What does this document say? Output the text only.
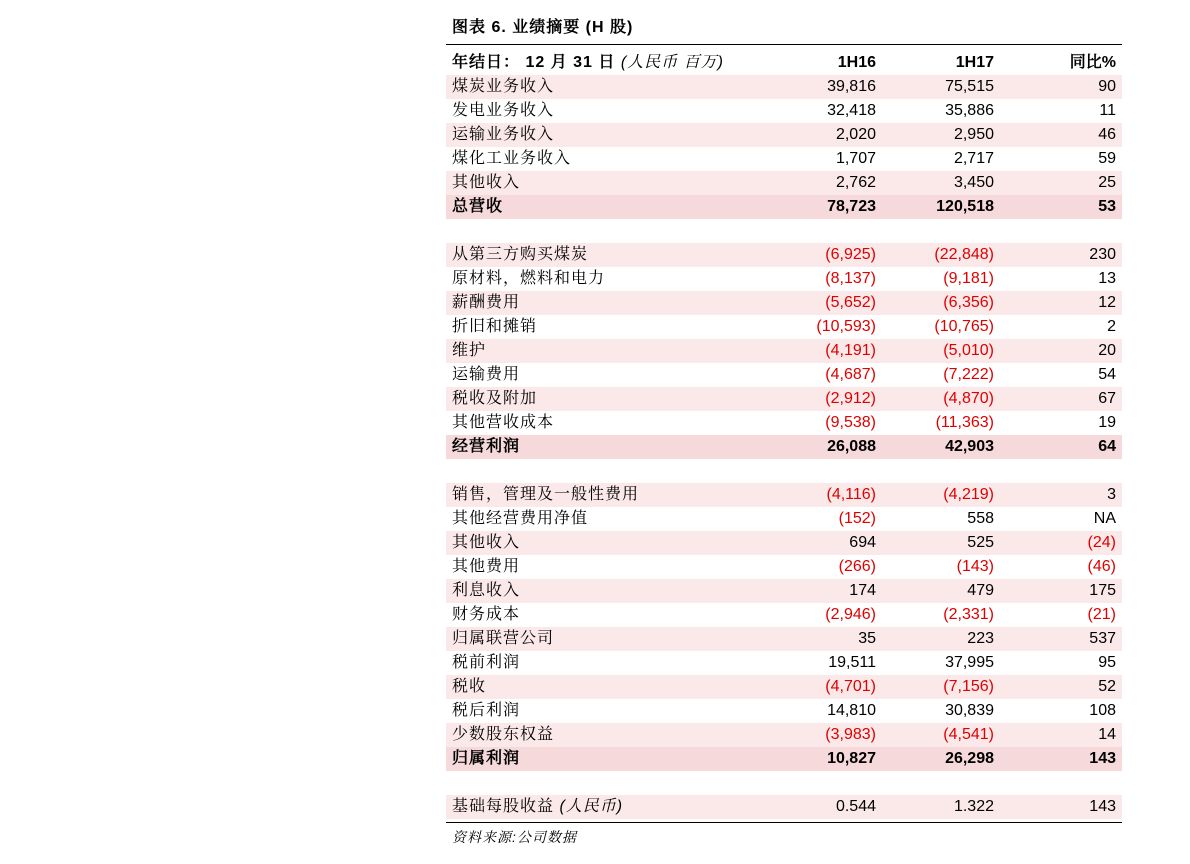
图表 6. 业绩摘要 (H 股)
年结日： 12 月 31 日 (人民币 百万)	1H16	1H17	同比%
煤炭业务收入	39,816	75,515	90
发电业务收入	32,418	35,886	11
运输业务收入	2,020	2,950	46
煤化工业务收入	1,707	2,717	59
其他收入	2,762	3,450	25
总营收	78,723	120,518	53

从第三方购买煤炭	(6,925)	(22,848)	230
原材料，燃料和电力	(8,137)	(9,181)	13
薪酬费用	(5,652)	(6,356)	12
折旧和摊销	(10,593)	(10,765)	2
维护	(4,191)	(5,010)	20
运输费用	(4,687)	(7,222)	54
税收及附加	(2,912)	(4,870)	67
其他营收成本	(9,538)	(11,363)	19
经营利润	26,088	42,903	64

销售，管理及一般性费用	(4,116)	(4,219)	3
其他经营费用净值	(152)	558	NA
其他收入	694	525	(24)
其他费用	(266)	(143)	(46)
利息收入	174	479	175
财务成本	(2,946)	(2,331)	(21)
归属联营公司	35	223	537
税前利润	19,511	37,995	95
税收	(4,701)	(7,156)	52
税后利润	14,810	30,839	108
少数股东权益	(3,983)	(4,541)	14
归属利润	10,827	26,298	143

基础每股收益 (人民币)	0.544	1.322	143
资料来源:公司数据
